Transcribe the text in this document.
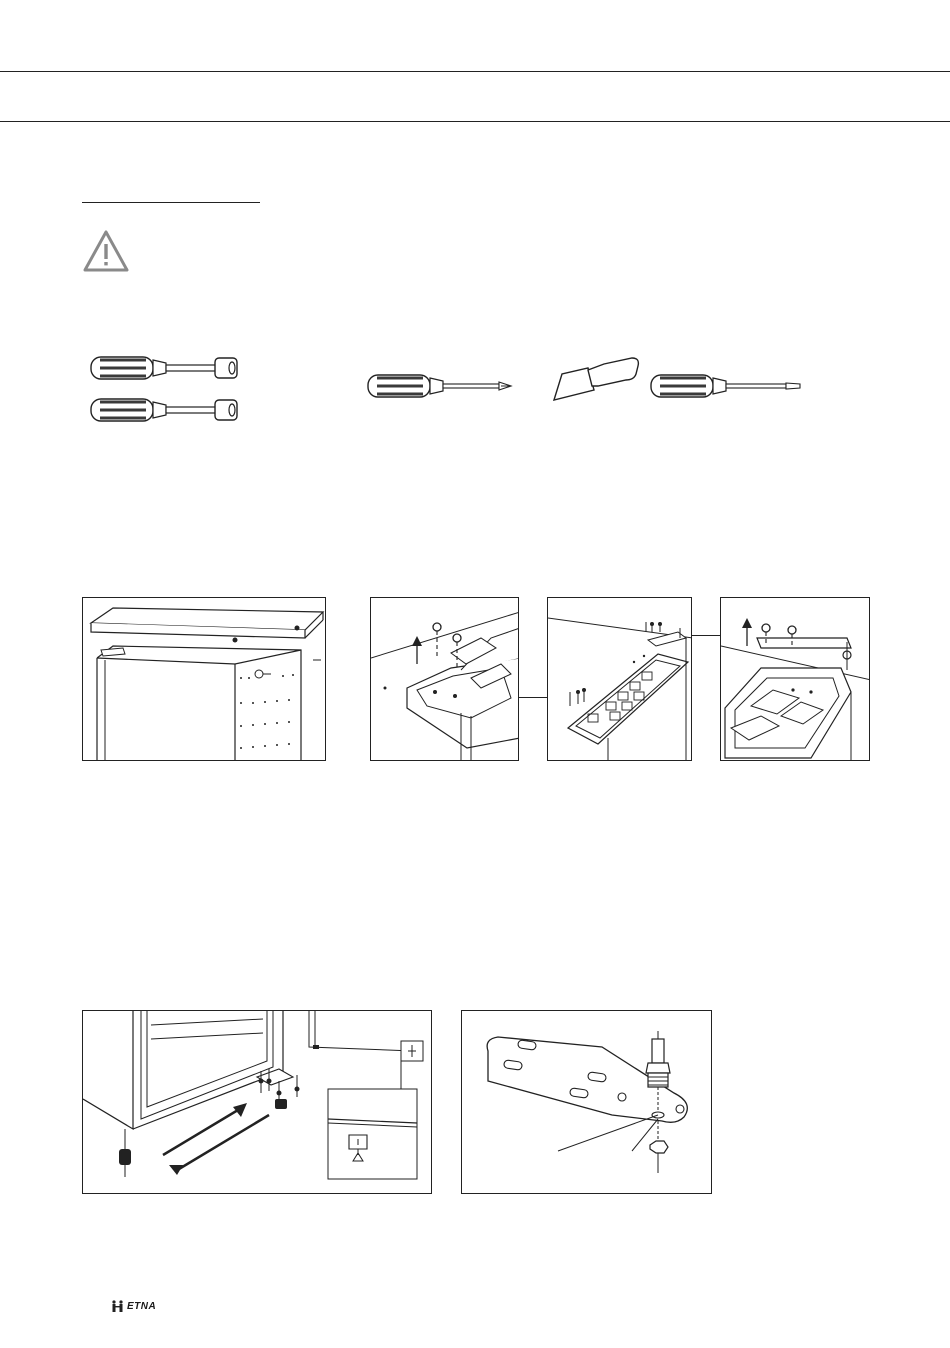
ETNA
